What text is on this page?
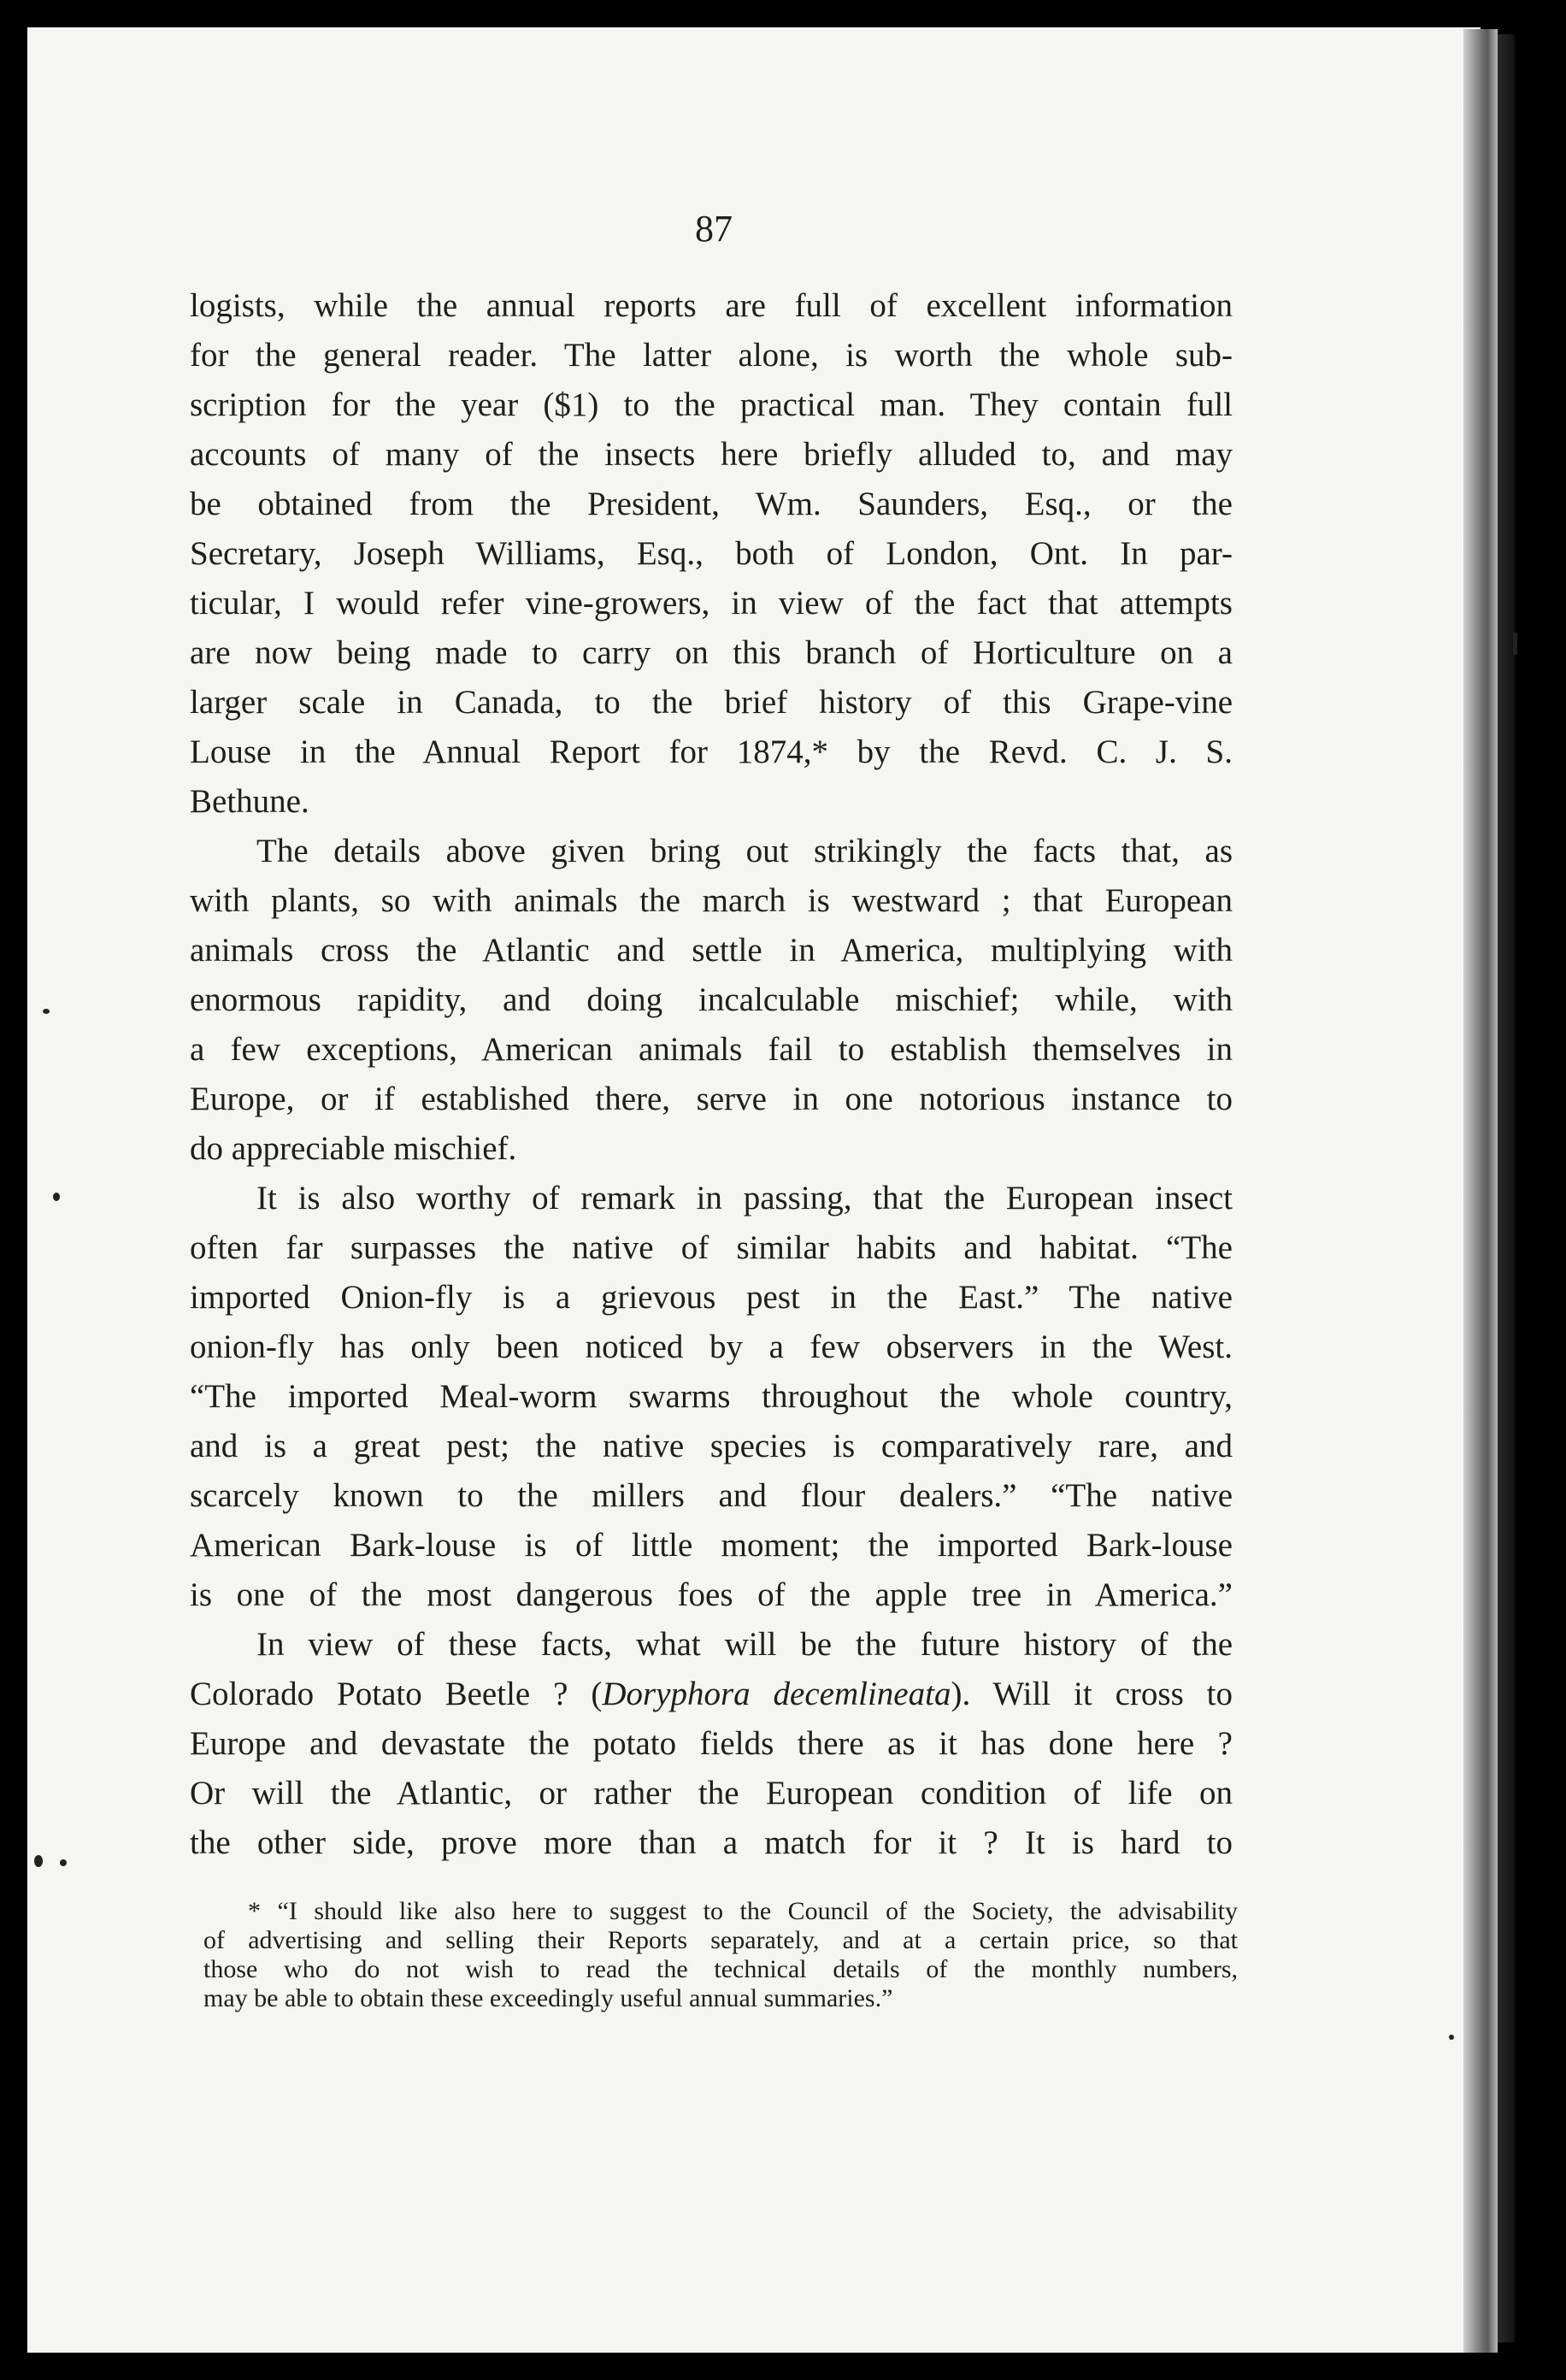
87
logists, while the annual reports are full of excellent information
for the general reader. The latter alone, is worth the whole sub-
scription for the year ($1) to the practical man. They contain full
accounts of many of the insects here briefly alluded to, and may
be obtained from the President, Wm. Saunders, Esq., or the
Secretary, Joseph Williams, Esq., both of London, Ont. In par-
ticular, I would refer vine-growers, in view of the fact that attempts
are now being made to carry on this branch of Horticulture on a
larger scale in Canada, to the brief history of this Grape-vine
Louse in the Annual Report for 1874,* by the Revd. C. J. S.
Bethune.
The details above given bring out strikingly the facts that, as
with plants, so with animals the march is westward ; that European
animals cross the Atlantic and settle in America, multiplying with
enormous rapidity, and doing incalculable mischief; while, with
a few exceptions, American animals fail to establish themselves in
Europe, or if established there, serve in one notorious instance to
do appreciable mischief.
It is also worthy of remark in passing, that the European insect
often far surpasses the native of similar habits and habitat. “The
imported Onion-fly is a grievous pest in the East.” The native
onion-fly has only been noticed by a few observers in the West.
“The imported Meal-worm swarms throughout the whole country,
and is a great pest; the native species is comparatively rare, and
scarcely known to the millers and flour dealers.” “The native
American Bark-louse is of little moment; the imported Bark-louse
is one of the most dangerous foes of the apple tree in America.”
In view of these facts, what will be the future history of the
Colorado Potato Beetle ? (Doryphora decemlineata). Will it cross to
Europe and devastate the potato fields there as it has done here ?
Or will the Atlantic, or rather the European condition of life on
the other side, prove more than a match for it ? It is hard to
* “I should like also here to suggest to the Council of the Society, the advisability
of advertising and selling their Reports separately, and at a certain price, so that
those who do not wish to read the technical details of the monthly numbers,
may be able to obtain these exceedingly useful annual summaries.”
